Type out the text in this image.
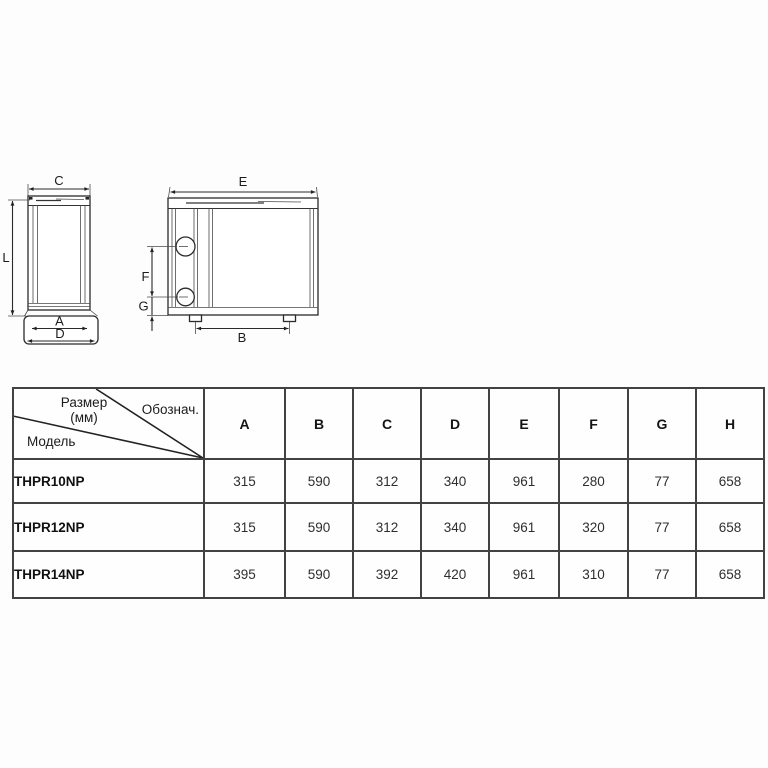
C
A
D
L
E
B
F
G
Размер
(мм)
Обознач.
Модель	A	B	C	D	E	F	G	H
THPR10NP	315	590	312	340	961	280	77	658
THPR12NP	315	590	312	340	961	320	77	658
THPR14NP	395	590	392	420	961	310	77	658
